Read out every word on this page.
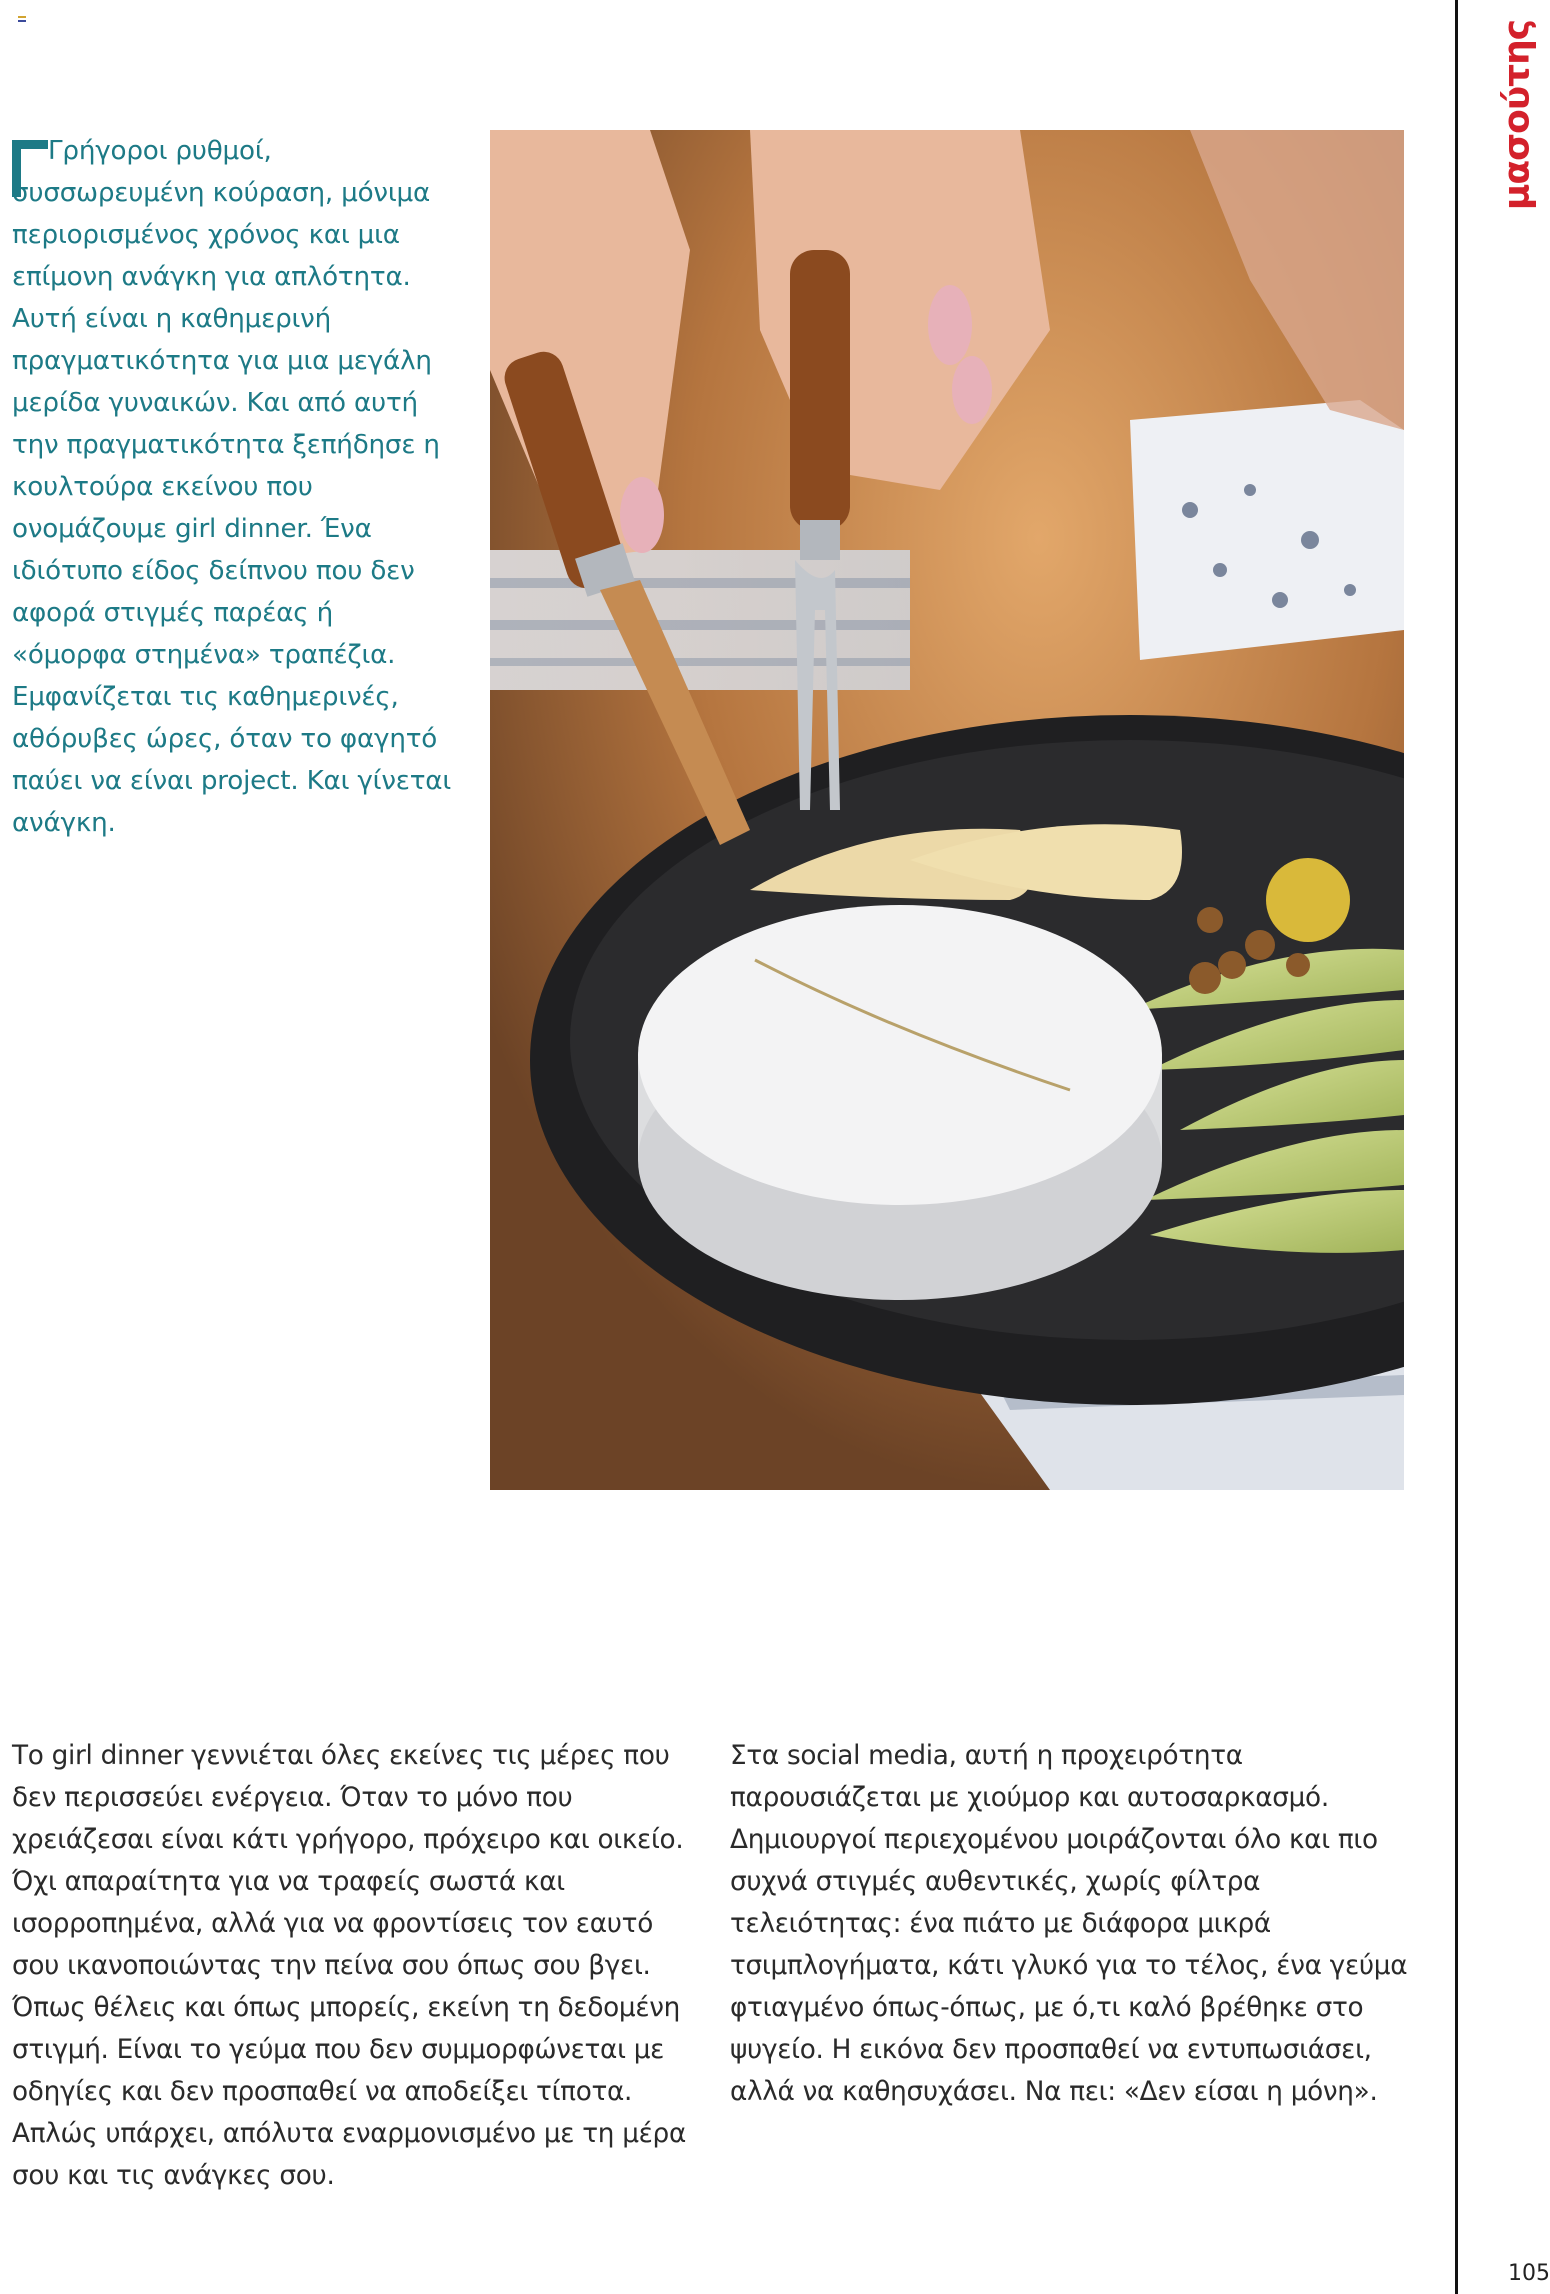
Γρήγοροι ρυθμοί, συσσωρευμένη κούραση, μόνιμα περιορισμένος χρόνος και μια επίμονη ανάγκη για απλότητα. Αυτή είναι η καθημερινή πραγματικότητα για μια μεγάλη μερίδα γυναικών. Και από αυτή την πραγματικότητα ξεπήδησε η κουλτούρα εκείνου που ονομάζουμε girl dinner. Ένα ιδιότυπο είδος δείπνου που δεν αφορά στιγμές παρέας ή «όμορφα στημένα» τραπέζια. Εμφανίζεται τις καθημερινές, αθόρυβες ώρες, όταν το φαγητό παύει να είναι project. Και γίνεται ανάγκη.

Το girl dinner γεννιέται όλες εκείνες τις μέρες που δεν περισσεύει ενέργεια. Όταν το μόνο που χρειάζεσαι είναι κάτι γρήγορο, πρόχειρο και οικείο. Όχι απαραίτητα για να τραφείς σωστά και ισορροπημένα, αλλά για να φροντίσεις τον εαυτό σου ικανοποιώντας την πείνα σου όπως σου βγει. Όπως θέλεις και όπως μπορείς, εκείνη τη δεδομένη στιγμή. Είναι το γεύμα που δεν συμμορφώνεται με οδηγίες και δεν προσπαθεί να αποδείξει τίποτα. Απλώς υπάρχει, απόλυτα εναρμονισμένο με τη μέρα σου και τις ανάγκες σου.

Στα social media, αυτή η προχειρότητα παρουσιάζεται με χιούμορ και αυτοσαρκασμό. Δημιουργοί περιεχομένου μοιράζονται όλο και πιο συχνά στιγμές αυθεντικές, χωρίς φίλτρα τελειότητας: ένα πιάτο με διάφορα μικρά τσιμπλογήματα, κάτι γλυκό για το τέλος, ένα γεύμα φτιαγμένο όπως-όπως, με ό,τι καλό βρέθηκε στο ψυγείο. Η εικόνα δεν προσπαθεί να εντυπωσιάσει, αλλά να καθησυχάσει. Να πει: «Δεν είσαι η μόνη».

μασούτης
105
